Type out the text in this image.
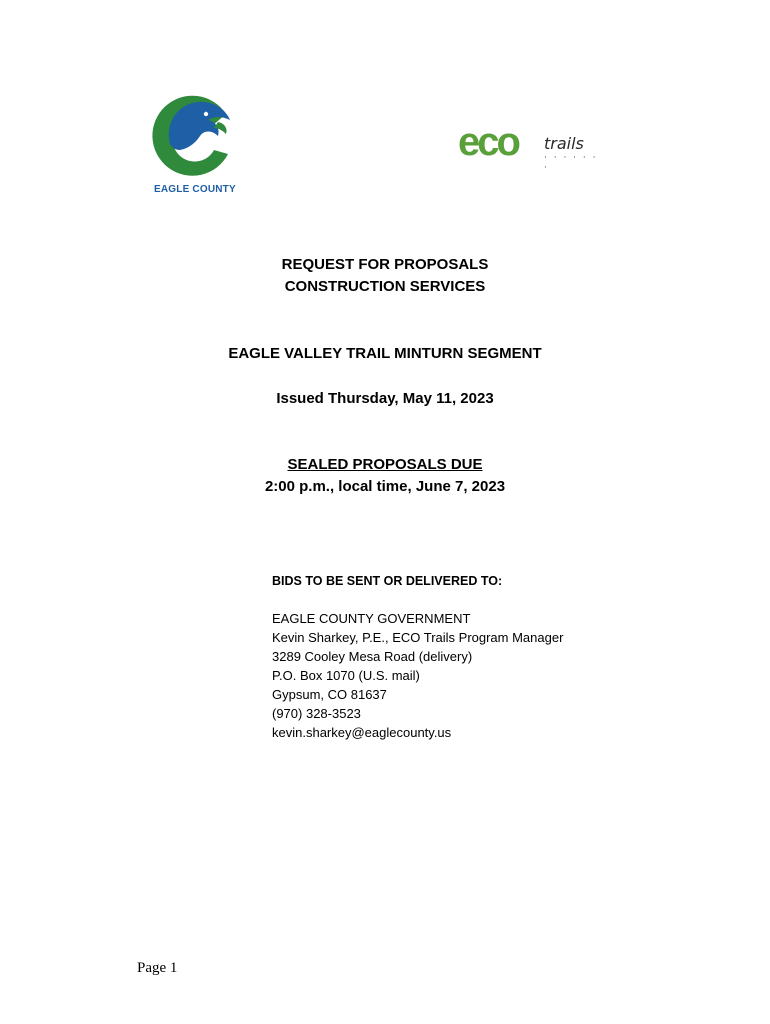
EAGLE COUNTY
eco trails
· · · · · · ·
REQUEST FOR PROPOSALS
CONSTRUCTION SERVICES
EAGLE VALLEY TRAIL MINTURN SEGMENT
Issued Thursday, May 11, 2023
SEALED PROPOSALS DUE
2:00 p.m., local time, June 7, 2023
BIDS TO BE SENT OR DELIVERED TO:
EAGLE COUNTY GOVERNMENT
Kevin Sharkey, P.E., ECO Trails Program Manager
3289 Cooley Mesa Road (delivery)
P.O. Box 1070 (U.S. mail)
Gypsum, CO 81637
(970) 328-3523
kevin.sharkey@eaglecounty.us
Page 1
